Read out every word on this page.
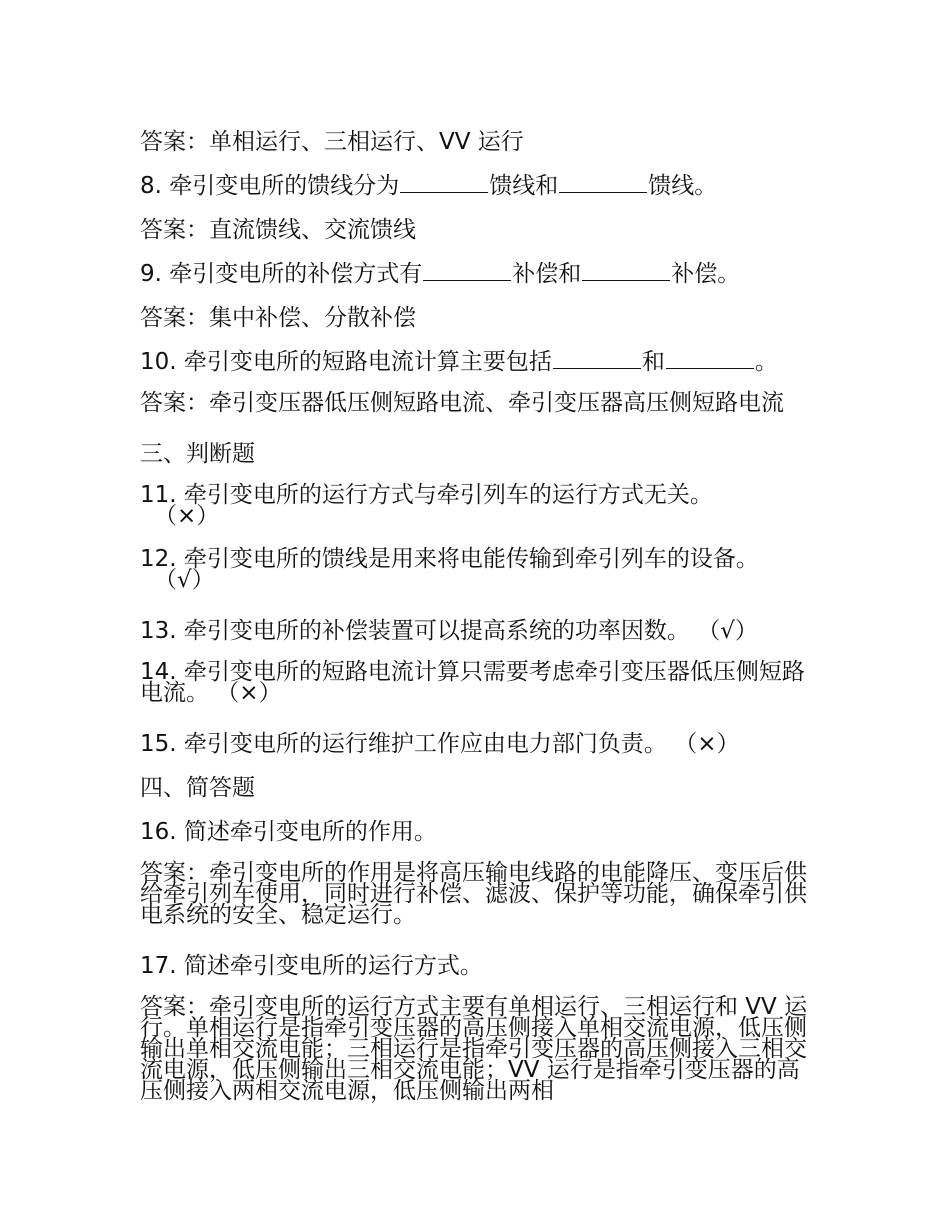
答案：单相运行、三相运行、VV 运行

8. 牵引变电所的馈线分为	馈线和	馈线。

答案：直流馈线、交流馈线

9. 牵引变电所的补偿方式有	补偿和	补偿。

答案：集中补偿、分散补偿

10. 牵引变电所的短路电流计算主要包括	和	。

答案：牵引变压器低压侧短路电流、牵引变压器高压侧短路电流

三、判断题

11. 牵引变电所的运行方式与牵引列车的运行方式无关。
（×）

12. 牵引变电所的馈线是用来将电能传输到牵引列车的设备。
（√）

13. 牵引变电所的补偿装置可以提高系统的功率因数。 （√）

14. 牵引变电所的短路电流计算只需要考虑牵引变压器低压侧短路电流。 （×）

15. 牵引变电所的运行维护工作应由电力部门负责。 （×）

四、简答题

16. 简述牵引变电所的作用。

答案：牵引变电所的作用是将高压输电线路的电能降压、变压后供给牵引列车使用，同时进行补偿、滤波、保护等功能，确保牵引供电系统的安全、稳定运行。

17. 简述牵引变电所的运行方式。

答案：牵引变电所的运行方式主要有单相运行、三相运行和 VV 运行。单相运行是指牵引变压器的高压侧接入单相交流电源，低压侧输出单相交流电能；三相运行是指牵引变压器的高压侧接入三相交流电源，低压侧输出三相交流电能；VV 运行是指牵引变压器的高压侧接入两相交流电源，低压侧输出两相
